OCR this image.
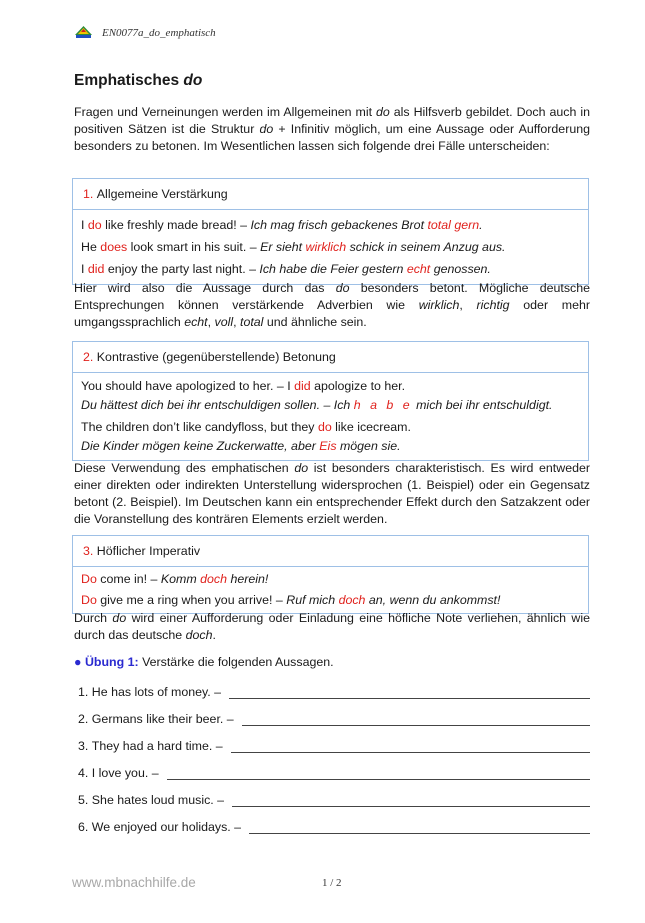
EN0077a_do_emphatisch
Emphatisches do

Fragen und Verneinungen werden im Allgemeinen mit do als Hilfsverb gebildet. Doch auch in positiven Sätzen ist die Struktur do + Infinitiv möglich, um eine Aussage oder Aufforderung besonders zu betonen. Im Wesentlichen lassen sich folgende drei Fälle unterscheiden:

1.
Allgemeine Verstärkung
I do like freshly made bread! – Ich mag frisch gebackenes Brot total gern.
He does look smart in his suit. – Er sieht wirklich schick in seinem Anzug aus.
I did enjoy the party last night. – Ich habe die Feier gestern echt genossen.

Hier wird also die Aussage durch das do besonders betont. Mögliche deutsche Entsprechungen können verstärkende Adverbien wie wirklich, richtig oder mehr umgangssprachlich echt, voll, total und ähnliche sein.

2.
Kontrastive (gegenüberstellende) Betonung
You should have apologized to her. – I did apologize to her.
Du hättest dich bei ihr entschuldigen sollen. – Ich h a b e mich bei ihr entschuldigt.
The children don’t like candyfloss, but they do like icecream.
Die Kinder mögen keine Zuckerwatte, aber Eis mögen sie.

Diese Verwendung des emphatischen do ist besonders charakteristisch. Es wird entweder einer direkten oder indirekten Unterstellung widersprochen (1. Beispiel) oder ein Gegensatz betont (2. Beispiel). Im Deutschen kann ein entsprechender Effekt durch den Satzakzent oder die Voranstellung des konträren Elements erzielt werden.

3.
Höflicher Imperativ
Do come in! – Komm doch herein!
Do give me a ring when you arrive! – Ruf mich doch an, wenn du ankommst!

Durch do wird einer Aufforderung oder Einladung eine höfliche Note verliehen, ähnlich wie durch das deutsche doch.

● Übung 1: Verstärke die folgenden Aussagen.
1.
He has lots of money. –
2.
Germans like their beer. –
3.
They had a hard time. –
4.
I love you. –
5.
She hates loud music. –
6.
We enjoyed our holidays. –
www.mbnachhilfe.de	1 / 2
